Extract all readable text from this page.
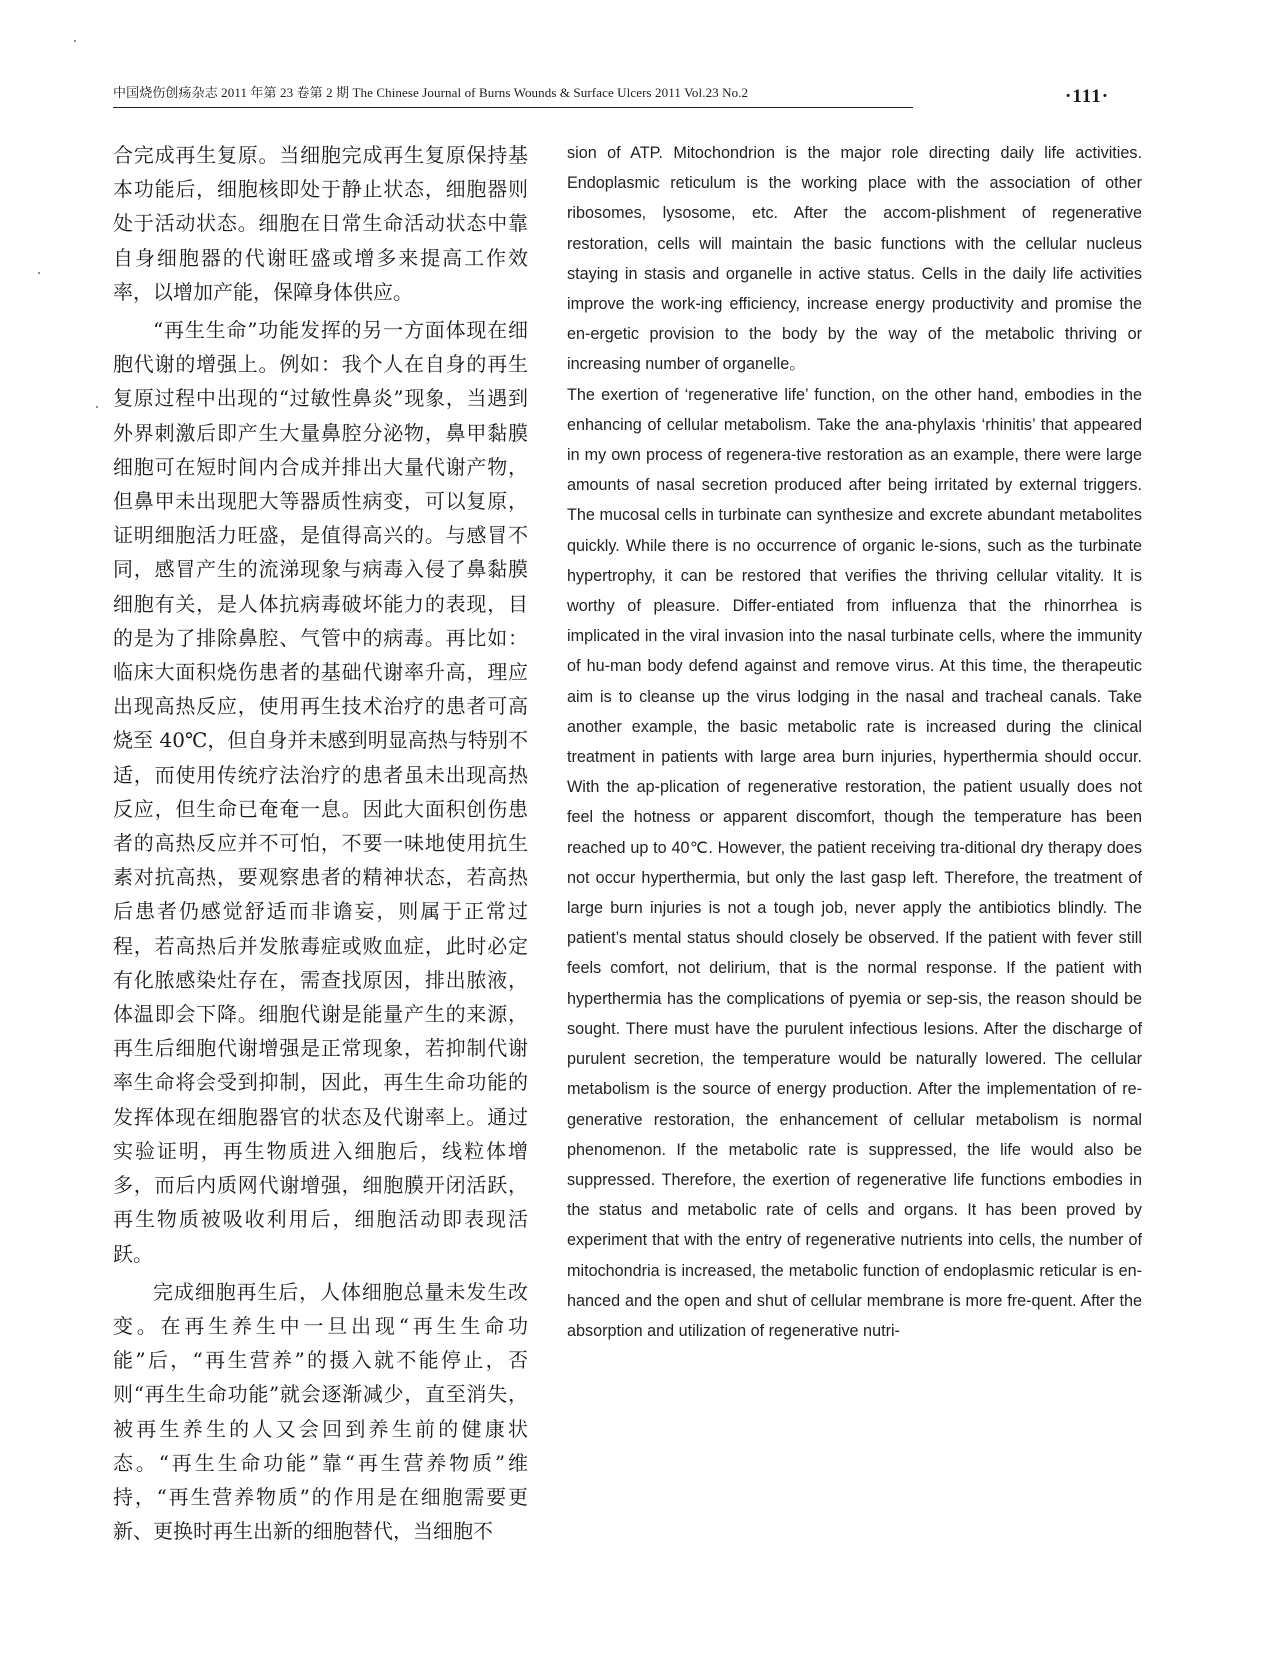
中国烧伤创疡杂志 2011 年第 23 卷第 2 期 The Chinese Journal of Burns Wounds & Surface Ulcers 2011 Vol.23 No.2	·111·

合完成再生复原。当细胞完成再生复原保持基本功能后，细胞核即处于静止状态，细胞器则处于活动状态。细胞在日常生命活动状态中靠自身细胞器的代谢旺盛或增多来提高工作效率，以增加产能，保障身体供应。

“再生生命”功能发挥的另一方面体现在细胞代谢的增强上。例如：我个人在自身的再生复原过程中出现的“过敏性鼻炎”现象，当遇到外界刺激后即产生大量鼻腔分泌物，鼻甲黏膜细胞可在短时间内合成并排出大量代谢产物，但鼻甲未出现肥大等器质性病变，可以复原，证明细胞活力旺盛，是值得高兴的。与感冒不同，感冒产生的流涕现象与病毒入侵了鼻黏膜细胞有关，是人体抗病毒破坏能力的表现，目的是为了排除鼻腔、气管中的病毒。再比如：临床大面积烧伤患者的基础代谢率升高，理应出现高热反应，使用再生技术治疗的患者可高烧至 40℃，但自身并未感到明显高热与特别不适，而使用传统疗法治疗的患者虽未出现高热反应，但生命已奄奄一息。因此大面积创伤患者的高热反应并不可怕，不要一味地使用抗生素对抗高热，要观察患者的精神状态，若高热后患者仍感觉舒适而非谵妄，则属于正常过程，若高热后并发脓毒症或败血症，此时必定有化脓感染灶存在，需查找原因，排出脓液，体温即会下降。细胞代谢是能量产生的来源，再生后细胞代谢增强是正常现象，若抑制代谢率生命将会受到抑制，因此，再生生命功能的发挥体现在细胞器官的状态及代谢率上。通过实验证明，再生物质进入细胞后，线粒体增多，而后内质网代谢增强，细胞膜开闭活跃，再生物质被吸收利用后，细胞活动即表现活跃。

完成细胞再生后，人体细胞总量未发生改变。在再生养生中一旦出现“再生生命功能”后，“再生营养”的摄入就不能停止，否则“再生生命功能”就会逐渐减少，直至消失，被再生养生的人又会回到养生前的健康状态。“再生生命功能”靠“再生营养物质”维持，“再生营养物质”的作用是在细胞需要更新、更换时再生出新的细胞替代，当细胞不

sion of ATP. Mitochondrion is the major role directing daily life activities. Endoplasmic reticulum is the working place with the association of other ribosomes, lysosome, etc. After the accom-plishment of regenerative restoration, cells will maintain the basic functions with the cellular nucleus staying in stasis and organelle in active status. Cells in the daily life activities improve the work-ing efficiency, increase energy productivity and promise the en-ergetic provision to the body by the way of the metabolic thriving or increasing number of organelle。

The exertion of ‘regenerative life’ function, on the other hand, embodies in the enhancing of cellular metabolism. Take the ana-phylaxis ‘rhinitis’ that appeared in my own process of regenera-tive restoration as an example, there were large amounts of nasal secretion produced after being irritated by external triggers. The mucosal cells in turbinate can synthesize and excrete abundant metabolites quickly. While there is no occurrence of organic le-sions, such as the turbinate hypertrophy, it can be restored that verifies the thriving cellular vitality. It is worthy of pleasure. Differ-entiated from influenza that the rhinorrhea is implicated in the viral invasion into the nasal turbinate cells, where the immunity of hu-man body defend against and remove virus. At this time, the therapeutic aim is to cleanse up the virus lodging in the nasal and tracheal canals. Take another example, the basic metabolic rate is increased during the clinical treatment in patients with large area burn injuries, hyperthermia should occur. With the ap-plication of regenerative restoration, the patient usually does not feel the hotness or apparent discomfort, though the temperature has been reached up to 40℃. However, the patient receiving tra-ditional dry therapy does not occur hyperthermia, but only the last gasp left. Therefore, the treatment of large burn injuries is not a tough job, never apply the antibiotics blindly. The patient’s mental status should closely be observed. If the patient with fever still feels comfort, not delirium, that is the normal response. If the patient with hyperthermia has the complications of pyemia or sep-sis, the reason should be sought. There must have the purulent infectious lesions. After the discharge of purulent secretion, the temperature would be naturally lowered. The cellular metabolism is the source of energy production. After the implementation of re-generative restoration, the enhancement of cellular metabolism is normal phenomenon. If the metabolic rate is suppressed, the life would also be suppressed. Therefore, the exertion of regenerative life functions embodies in the status and metabolic rate of cells and organs. It has been proved by experiment that with the entry of regenerative nutrients into cells, the number of mitochondria is increased, the metabolic function of endoplasmic reticular is en-hanced and the open and shut of cellular membrane is more fre-quent. After the absorption and utilization of regenerative nutri-
